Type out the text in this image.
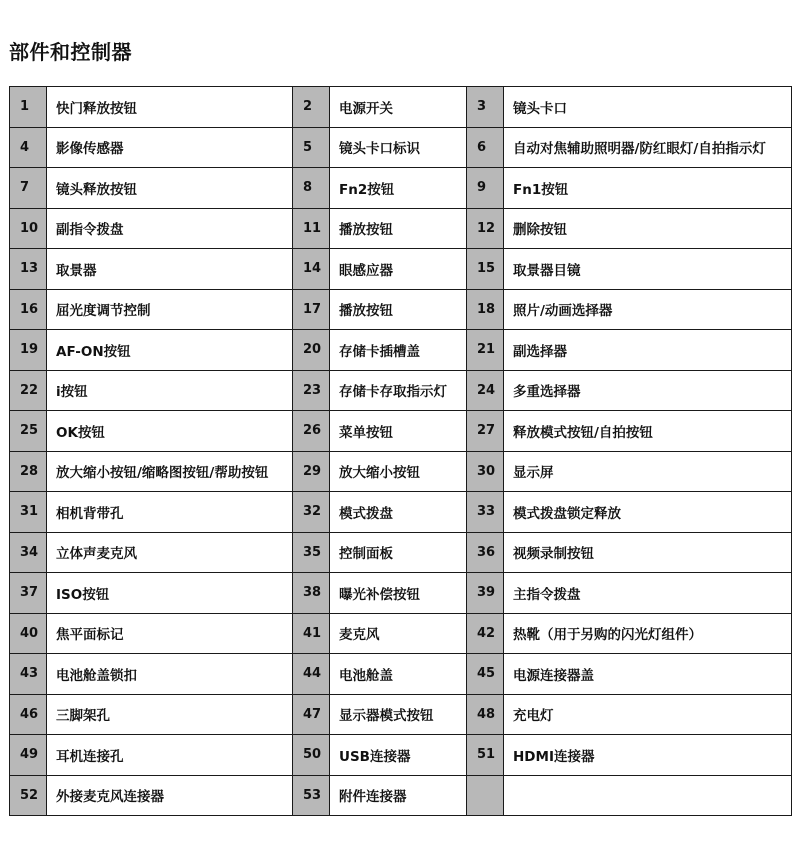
部件和控制器
1	快门释放按钮	2	电源开关	3	镜头卡口
4	影像传感器	5	镜头卡口标识	6	自动对焦辅助照明器/防红眼灯/自拍指示灯
7	镜头释放按钮	8	Fn2按钮	9	Fn1按钮
10	副指令拨盘	11	播放按钮	12	删除按钮
13	取景器	14	眼感应器	15	取景器目镜
16	屈光度调节控制	17	播放按钮	18	照片/动画选择器
19	AF-ON按钮	20	存储卡插槽盖	21	副选择器
22	i按钮	23	存储卡存取指示灯	24	多重选择器
25	OK按钮	26	菜单按钮	27	释放模式按钮/自拍按钮
28	放大缩小按钮/缩略图按钮/帮助按钮	29	放大缩小按钮	30	显示屏
31	相机背带孔	32	模式拨盘	33	模式拨盘锁定释放
34	立体声麦克风	35	控制面板	36	视频录制按钮
37	ISO按钮	38	曝光补偿按钮	39	主指令拨盘
40	焦平面标记	41	麦克风	42	热靴（用于另购的闪光灯组件）
43	电池舱盖锁扣	44	电池舱盖	45	电源连接器盖
46	三脚架孔	47	显示器模式按钮	48	充电灯
49	耳机连接孔	50	USB连接器	51	HDMI连接器
52	外接麦克风连接器	53	附件连接器		
